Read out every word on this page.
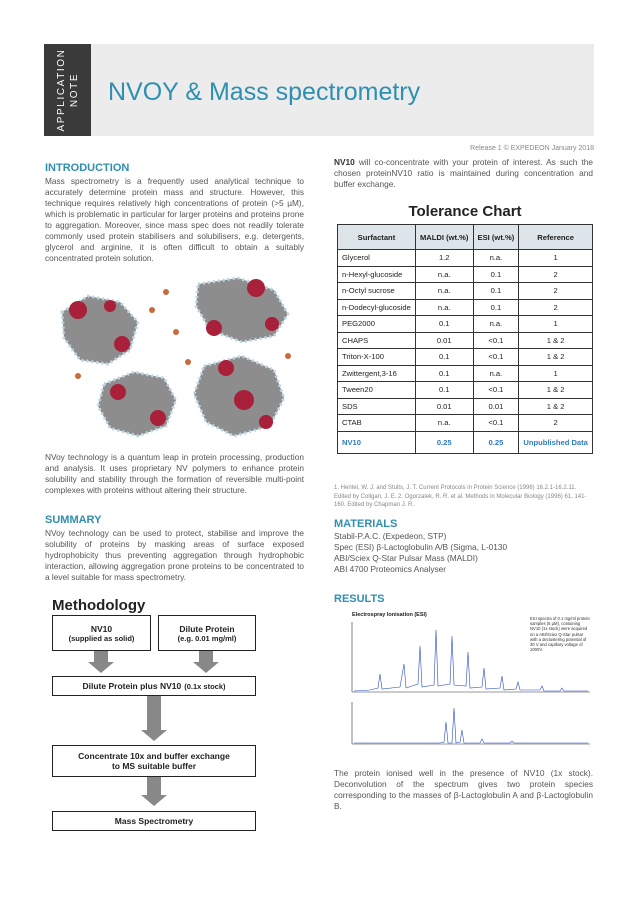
APPLICATION NOTE NVOY & Mass spectrometry
Release 1 © EXPEDEON January 2018
INTRODUCTION
Mass spectrometry is a frequently used analytical technique to accurately determine protein mass and structure. However, this technique requires relatively high concentrations of protein (>5 µM), which is problematic in particular for larger proteins and proteins prone to aggregation. Moreover, since mass spec does not readily tolerate commonly used protein stabilisers and solubilisers, e.g. detergents, glycerol and arginine, it is often difficult to obtain a suitably concentrated protein solution.
NVoy technology is a quantum leap in protein processing, production and analysis. It uses proprietary NV polymers to enhance protein solubility and stability through the formation of reversible multi-point complexes with proteins without altering their structure.
SUMMARY
NVoy technology can be used to protect, stabilise and improve the solubility of proteins by masking areas of surface exposed hydrophobicity thus preventing aggregation through hydrophobic interaction, allowing aggregation prone proteins to be concentrated to a level suitable for mass spectrometry.
Methodology
NV10
(supplied as solid)
Dilute Protein
(e.g. 0.01 mg/ml)
Dilute Protein plus NV10 (0.1x stock)
Concentrate 10x and buffer exchange
to MS suitable buffer
Mass Spectrometry
NV10 will co-concentrate with your protein of interest. As such the chosen proteinNV10 ratio is maintained during concentration and buffer exchange.
Tolerance Chart
Surfactant	MALDI (wt.%)	ESI (wt.%)	Reference
Glycerol	1.2	n.a.	1
n-Hexyl-glucoside	n.a.	0.1	2
n-Octyl sucrose	n.a.	0.1	2
n-Dodecyl-glucoside	n.a.	0.1	2
PEG2000	0.1	n.a.	1
CHAPS	0.01	<0.1	1 & 2
Triton-X-100	0.1	<0.1	1 & 2
Zwittergent,3-16	0.1	n.a.	1
Tween20	0.1	<0.1	1 & 2
SDS	0.01	0.01	1 & 2
CTAB	n.a.	<0.1	2
NV10	0.25	0.25	Unpublished Data
1. Hentel, W. J. and Stults, J. T. Current Protocols in Protein Science (1996) 16.2.1-16.2.11. Edited by Coligan, J. E. 2. Ogorzalek, R. R. et al. Methods in Molecular Biology (1996) 61, 141-160. Edited by Chapman J. R.
MATERIALS
Stabil-P.A.C. (Expedeon, STP)
Spec (ESI) β-Lactoglobulin A/B (Sigma, L-0130
ABI/Sciex Q-Star Pulsar Mass (MALDI)
ABI 4700 Proteomics Analyser
RESULTS
Electrospray Ionisation (ESI)
ESI spectra of 0.1 mg/ml protein samples (5 µM), containing NV10 (1x stock) were acquired on a ABI/Sciex Q-Star pulsar with a declustering potential of 30 V and capillary voltage of 1000V.
The protein ionised well in the presence of NV10 (1x stock). Deconvolution of the spectrum gives two protein species corresponding to the masses of β-Lactoglobulin A and β-Lactoglobulin B.
